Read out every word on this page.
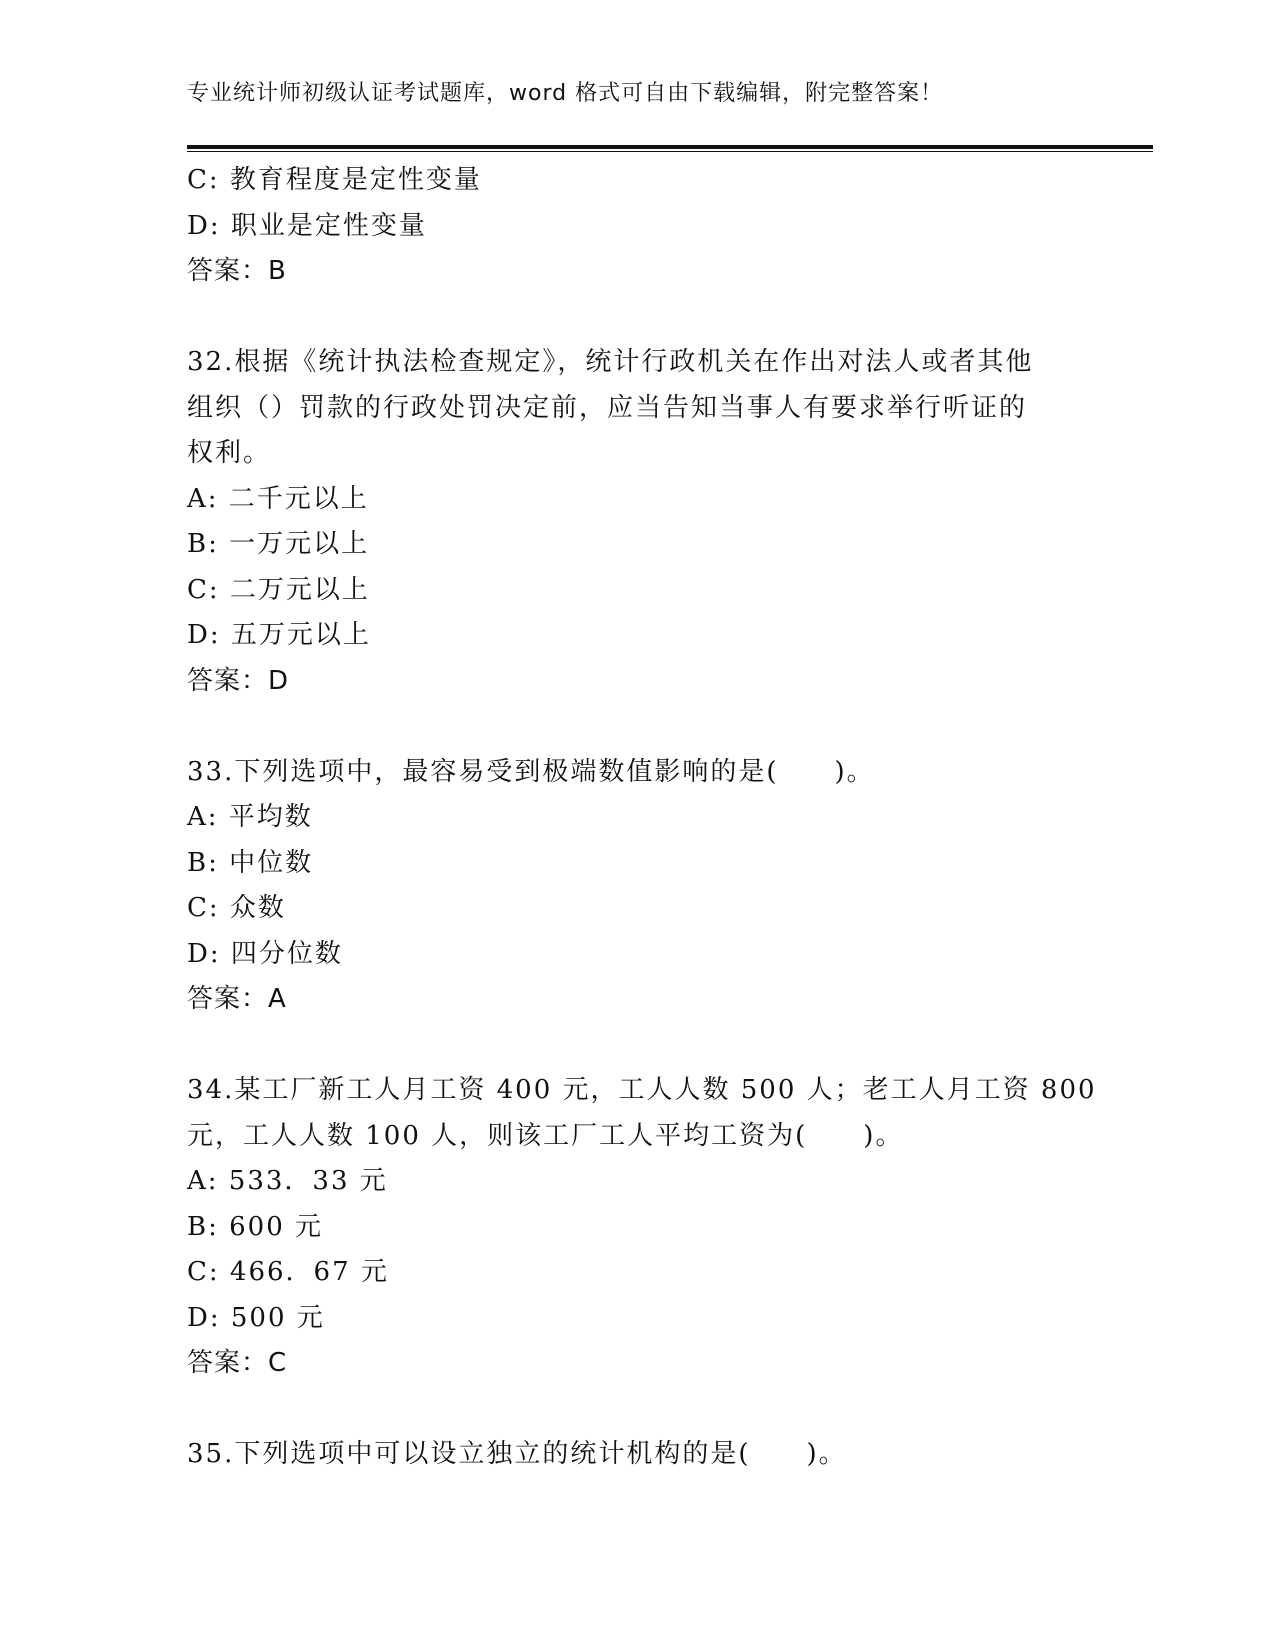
专业统计师初级认证考试题库，word 格式可自由下载编辑，附完整答案！
C: 教育程度是定性变量
D: 职业是定性变量
答案：B
32.根据《统计执法检查规定》，统计行政机关在作出对法人或者其他
组织（）罚款的行政处罚决定前，应当告知当事人有要求举行听证的
权利。
A: 二千元以上
B: 一万元以上
C: 二万元以上
D: 五万元以上
答案：D
33.下列选项中，最容易受到极端数值影响的是(　　)。
A: 平均数
B: 中位数
C: 众数
D: 四分位数
答案：A
34.某工厂新工人月工资 400 元，工人人数 500 人；老工人月工资 800
元，工人人数 100 人，则该工厂工人平均工资为(　　)。
A: 533．33 元
B: 600 元
C: 466．67 元
D: 500 元
答案：C
35.下列选项中可以设立独立的统计机构的是(　　)。
